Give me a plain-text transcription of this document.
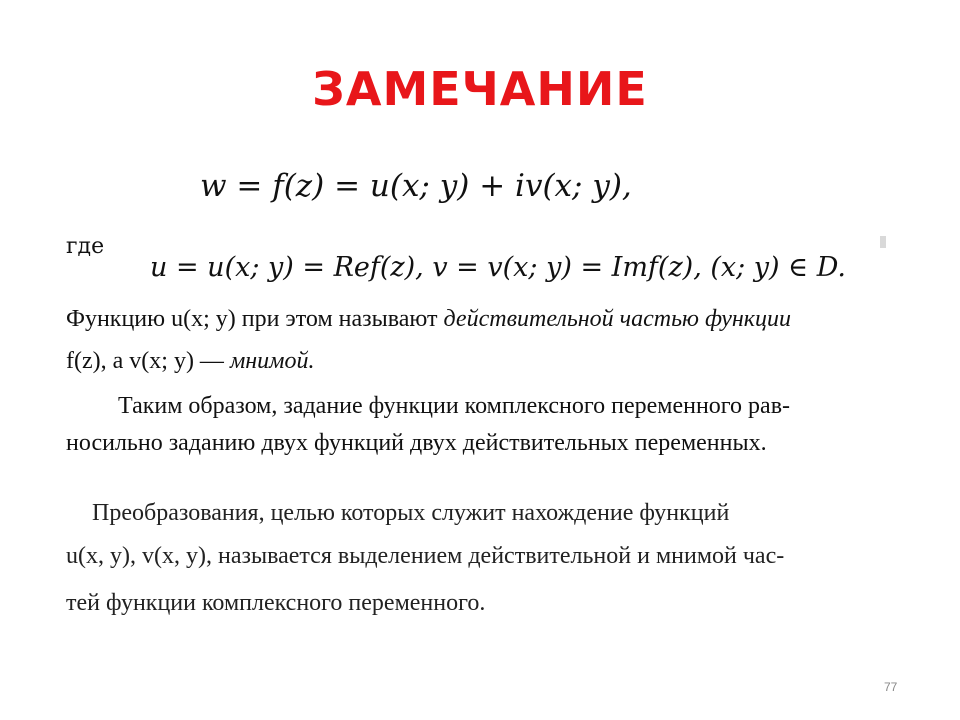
ЗАМЕЧАНИЕ
w = f(z) = u(x; y) + iv(x; y),
где
u = u(x; y) = Ref(z), v = v(x; y) = Imf(z), (x; y) ∈ D.
Функцию u(x; y) при этом называют действительной частью функции
f(z), а v(x; y) — мнимой.
Таким образом, задание функции комплексного переменного рав-
носильно заданию двух функций двух действительных переменных.
Преобразования, целью которых служит нахождение функций
u(x, y), v(x, y), называется выделением действительной и мнимой час-
тей функции комплексного переменного.
77
